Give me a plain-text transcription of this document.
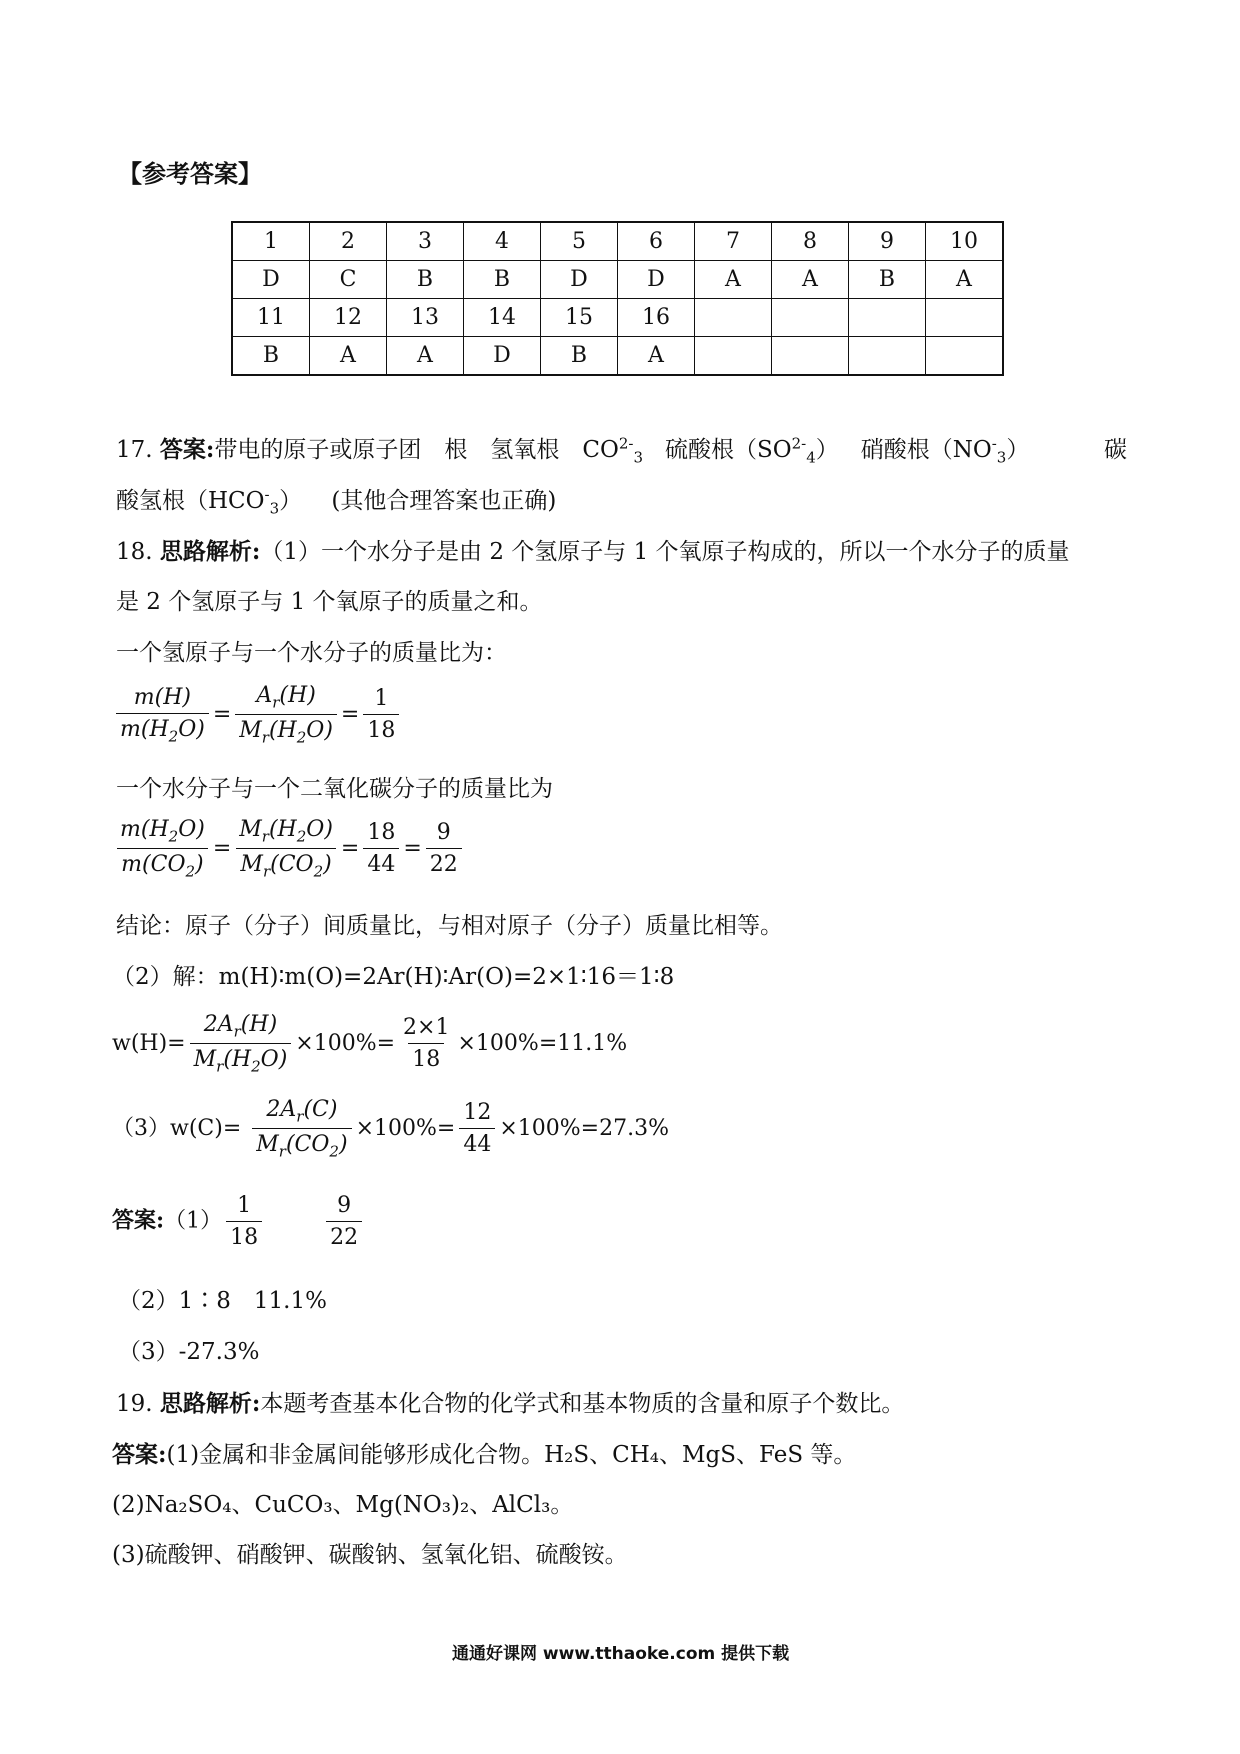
【参考答案】
1	2	3	4	5	6	7	8	9	10
D	C	B	B	D	D	A	A	B	A
11	12	13	14	15	16				
B	A	A	D	B	A				
17. 答案:带电的原子或原子团　根　氢氧根　$CO^{2-}_3$ 硫酸根$(SO^{2-}_4)$ 硝酸根$(NO^-_3)$	碳
酸氢根$(HCO^-_3)$ (其他合理答案也正确)
18. 思路解析:（1）一个水分子是由 2 个氢原子与 1 个氧原子构成的，所以一个水分子的质量
是 2 个氢原子与 1 个氧原子的质量之和。
一个氢原子与一个水分子的质量比为：
$\frac{m(H)}{m(H_2O)} = \frac{A_r(H)}{M_r(H_2O)} = \frac{1}{18}$
一个水分子与一个二氧化碳分子的质量比为
$\frac{m(H_2O)}{m(CO_2)} = \frac{M_r(H_2O)}{M_r(CO_2)} = \frac{18}{44} = \frac{9}{22}$
结论：原子（分子）间质量比，与相对原子（分子）质量比相等。
（2）解：m(H)∶m(O)=2Ar(H)∶Ar(O)=2×1∶16＝1∶8
$w(H)= \frac{2A_r(H)}{M_r(H_2O)} \times 100\%= \frac{2\times 1}{18} \times 100\%=11.1\%$
$(3)w(C)= \frac{2A_r(C)}{M_r(CO_2)} \times 100\%= \frac{12}{44} \times 100\%=27.3\%$
答案:（1） $\frac{1}{18}$
	$\frac{9}{22}$
（2）1∶8　11.1%
（3）-27.3%
19. 思路解析:本题考查基本化合物的化学式和基本物质的含量和原子个数比。
答案:(1)金属和非金属间能够形成化合物。H₂S、CH₄、MgS、FeS 等。
(2)Na₂SO₄、CuCO₃、Mg(NO₃)₂、AlCl₃。
(3)硫酸钾、硝酸钾、碳酸钠、氢氧化铝、硫酸铵。
通通好课网 www.tthaoke.com 提供下载
